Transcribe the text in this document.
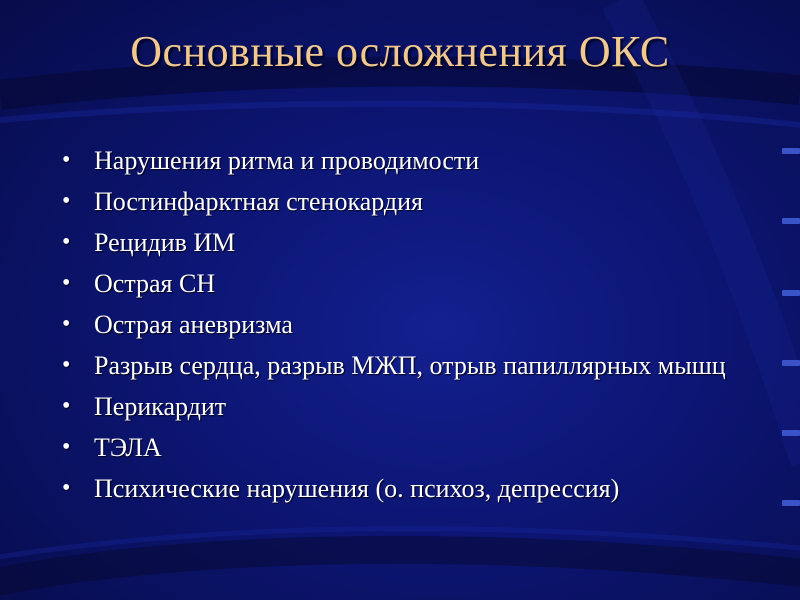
Основные осложнения ОКС
• Нарушения ритма и проводимости
• Постинфарктная стенокардия
• Рецидив ИМ
• Острая СН
• Острая аневризма
• Разрыв сердца, разрыв МЖП, отрыв папиллярных мышц
• Перикардит
• ТЭЛА
• Психические нарушения (о. психоз, депрессия)
